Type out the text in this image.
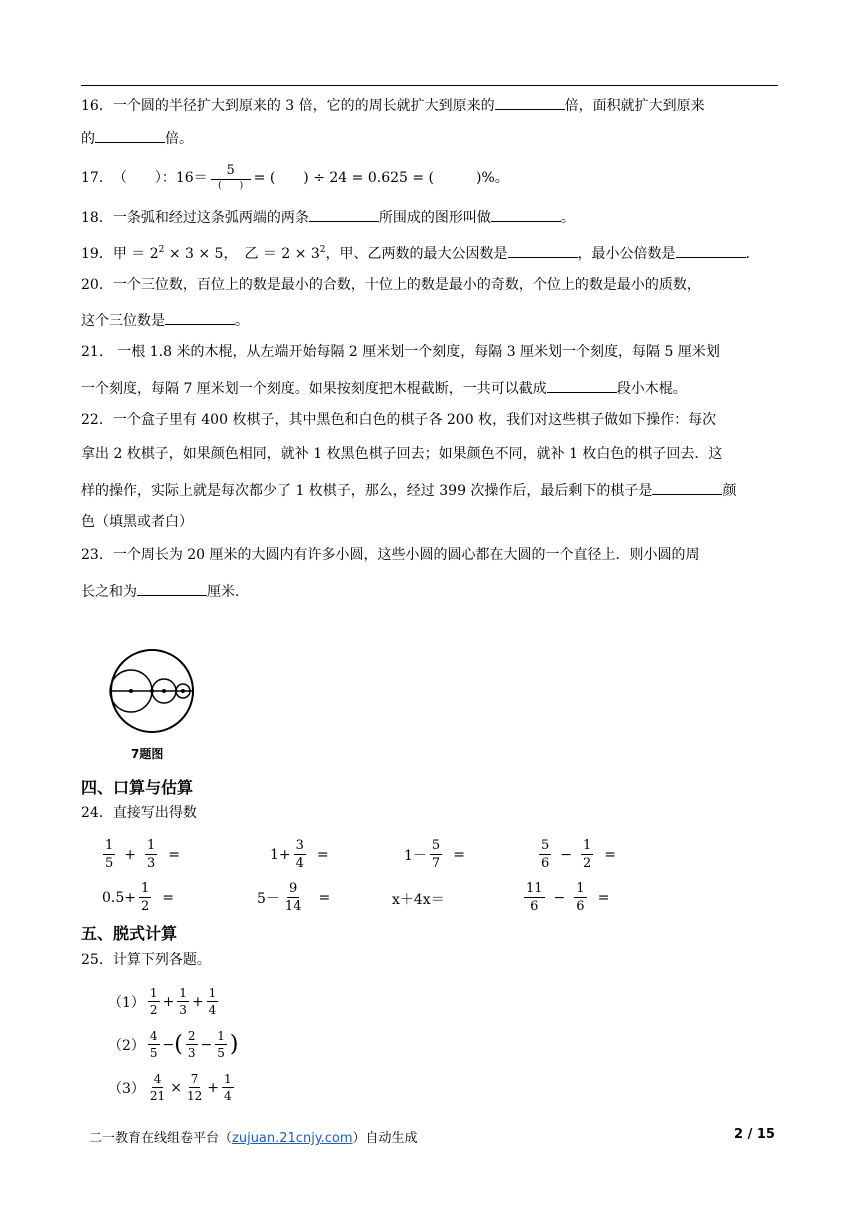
16．一个圆的半径扩大到原来的 3 倍，它的的周长就扩大到原来的	倍，面积就扩大到原来
的	倍。
17． （　　）：$16= \frac{5}{( )}$ = (　　) ÷ 24 = 0.625 = (　　　)%。
18．一条弧和经过这条弧两端的两条	所围成的图形叫做	。
19．甲 ＝ $2^2 \times 3 \times 5$，　乙 ＝ $2 \times 3^2$，甲、乙两数的最大公因数是	，最小公倍数是	.
20．一个三位数，百位上的数是最小的合数，十位上的数是最小的奇数，个位上的数是最小的质数，
这个三位数是	。
21． 一根 1.8 米的木棍，从左端开始每隔 2 厘米划一个刻度，每隔 3 厘米划一个刻度，每隔 5 厘米划
一个刻度，每隔 7 厘米划一个刻度。如果按刻度把木棍截断，一共可以截成	段小木棍。
22．一个盒子里有 400 枚棋子，其中黑色和白色的棋子各 200 枚，我们对这些棋子做如下操作：每次
拿出 2 枚棋子，如果颜色相同，就补 1 枚黑色棋子回去；如果颜色不同，就补 1 枚白色的棋子回去．这
样的操作，实际上就是每次都少了 1 枚棋子，那么，经过 399 次操作后，最后剩下的棋子是	颜
色（填黑或者白）
23．一个周长为 20 厘米的大圆内有许多小圆，这些小圆的圆心都在大圆的一个直径上．则小圆的周
长之和为	厘米.
7题图
四、口算与估算
24．直接写出得数
$\frac{1}{5} + \frac{1}{3}$ =	$1+ \frac{3}{4}$ =	$1- \frac{5}{7}$ =	$\frac{5}{6} - \frac{1}{2}$ =
$0.5+ \frac{1}{2}$ =	$5- \frac{9}{14}$ =	x＋4x＝	$\frac{11}{6} - \frac{1}{6}$ =
五、脱式计算
25．计算下列各题。
$(1) \frac{1}{2} + \frac{1}{3} + \frac{1}{4}$
$(2) \frac{4}{5}$ − ( $\frac{2}{3} - \frac{1}{5}$ )
$(3) \frac{4}{21} \times \frac{7}{12} + \frac{1}{4}$
二一教育在线组卷平台（zujuan.21cnjy.com）自动生成	2 / 15
